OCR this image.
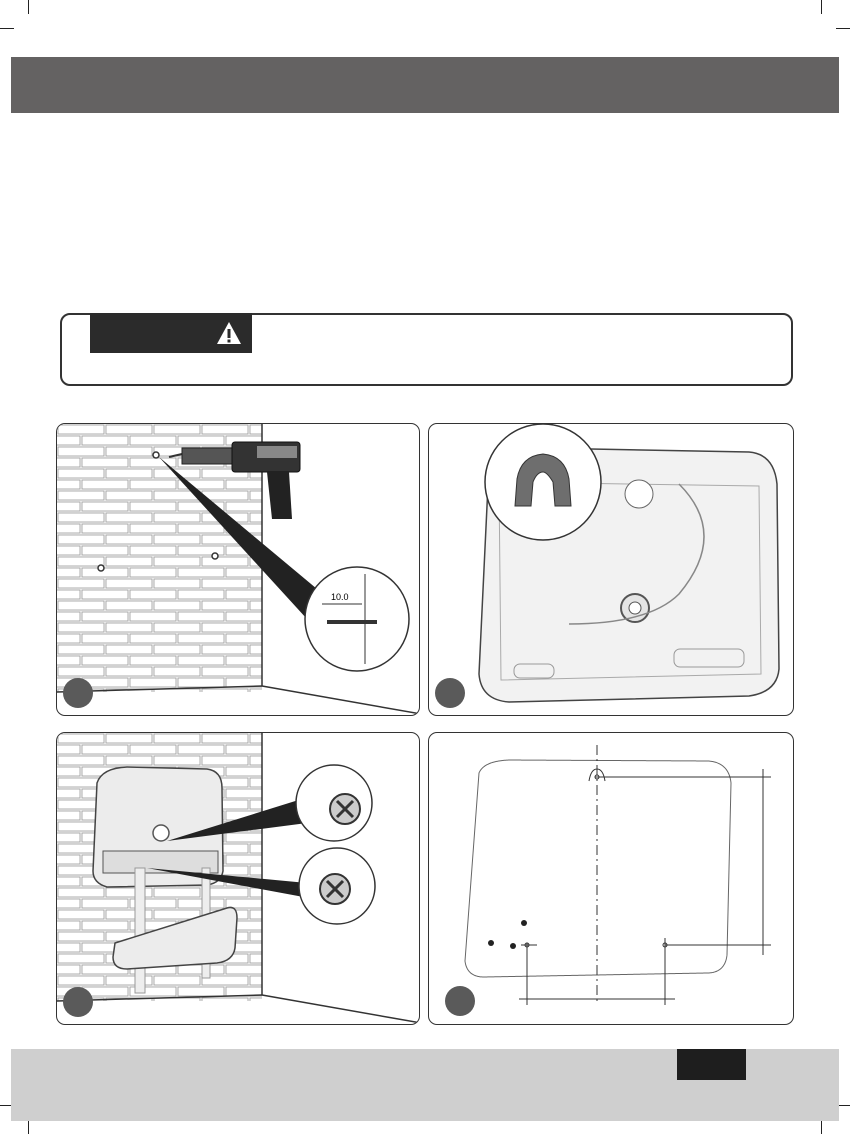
10.0
